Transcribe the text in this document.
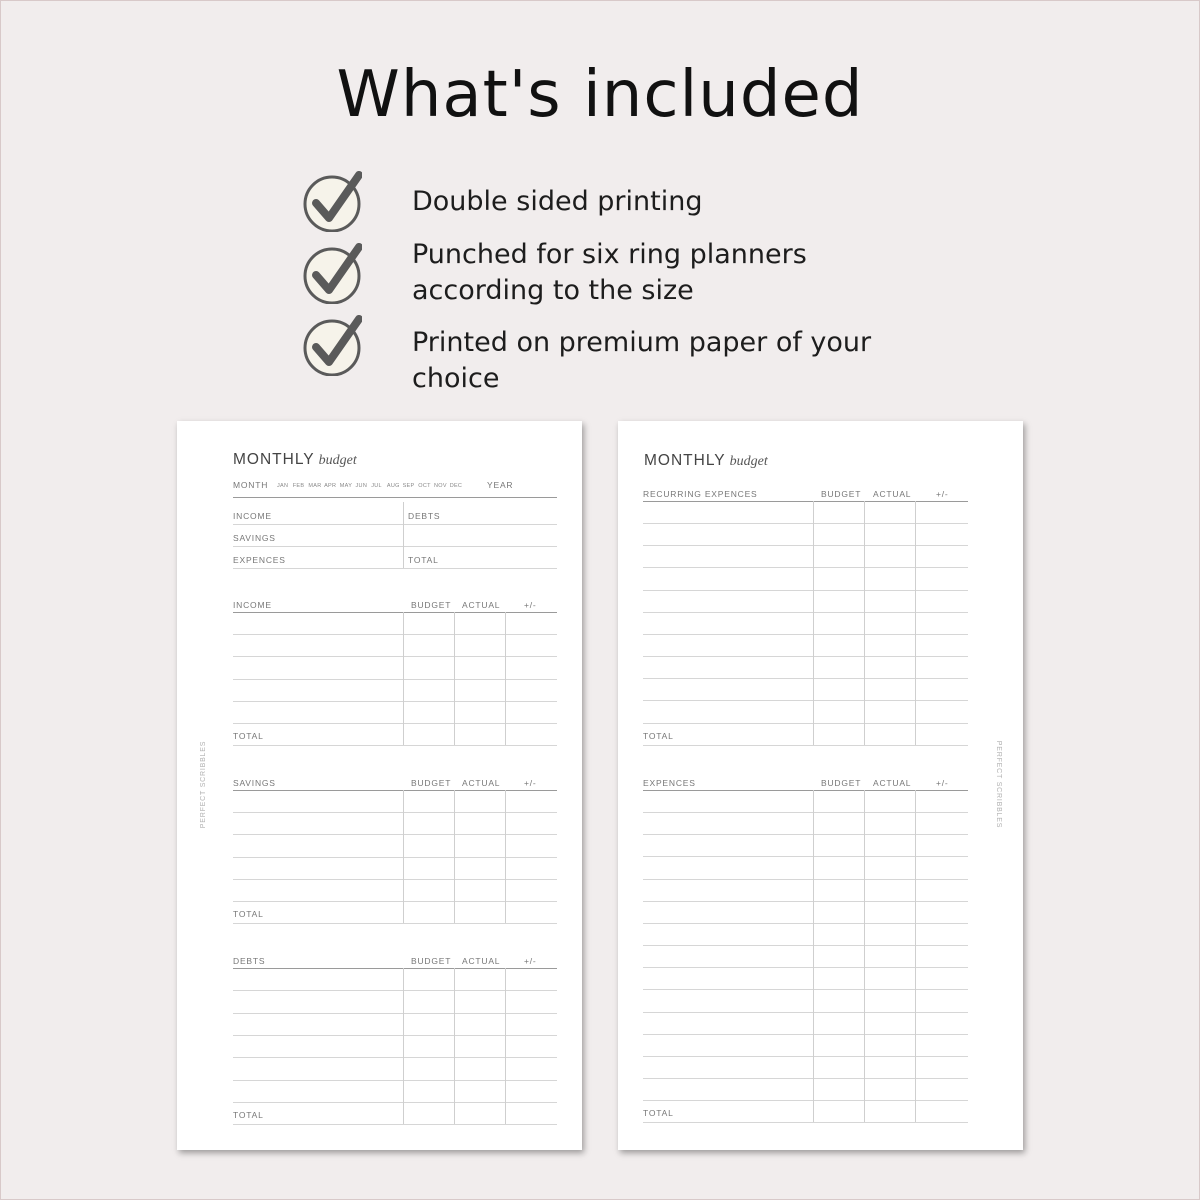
What's included
Double sided printing
Punched for six ring planners according to the size
Printed on premium paper of your choice
MONTHLY budget
MONTH JAN FEB MAR APR MAY JUN JUL AUG SEP OCT NOV DEC	YEAR
INCOME	DEBTS
SAVINGS
EXPENCES	TOTAL
PERFECT SCRIBBLES
INCOME	BUDGET ACTUAL	+/-
TOTAL
SAVINGS	BUDGET ACTUAL	+/-
TOTAL
DEBTS	BUDGET ACTUAL	+/-
TOTAL
MONTHLY budget
PERFECT SCRIBBLES
RECURRING EXPENCES	BUDGET ACTUAL	+/-
TOTAL
EXPENCES	BUDGET ACTUAL	+/-
TOTAL
